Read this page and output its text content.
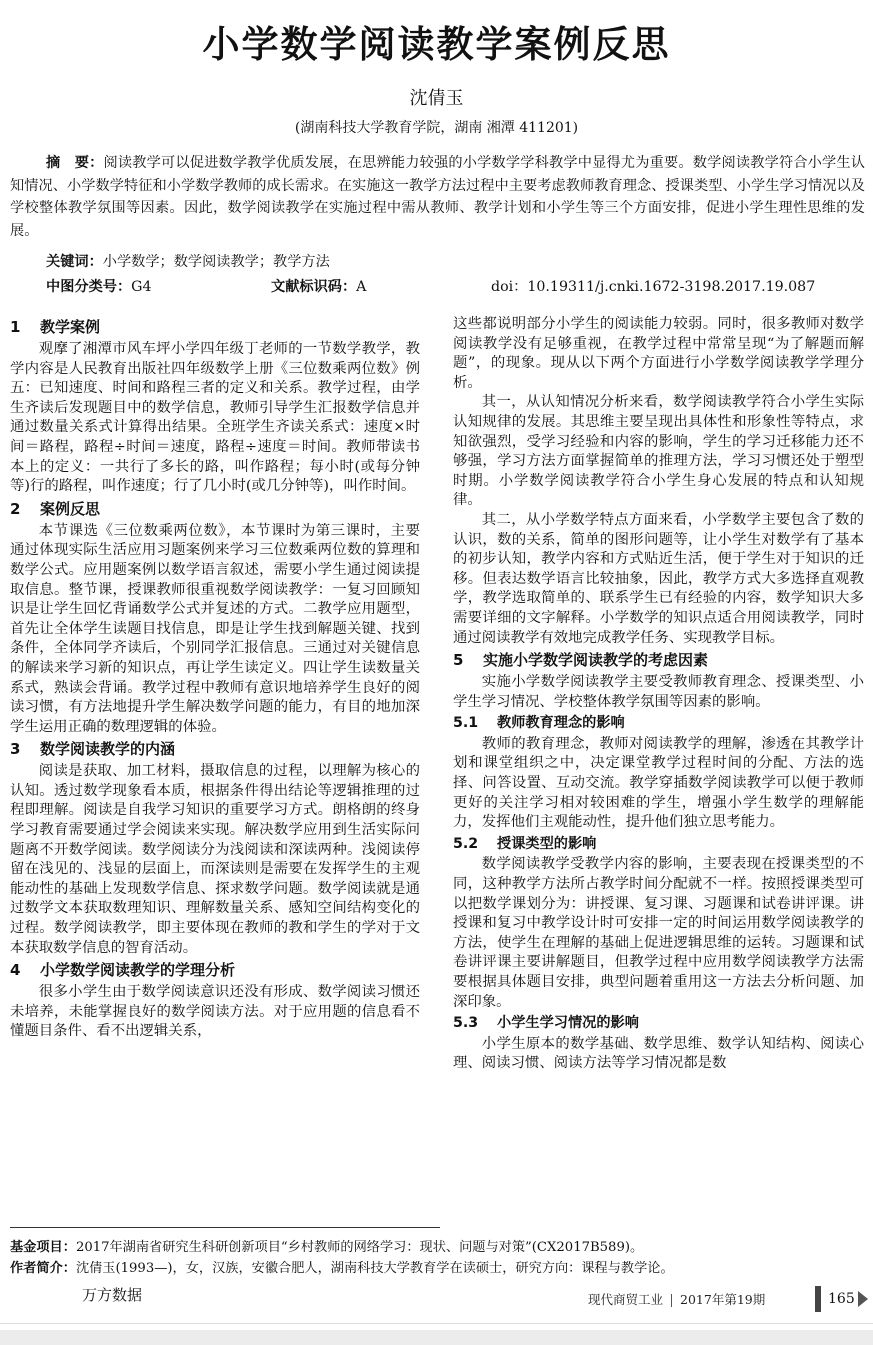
小学数学阅读教学案例反思
沈倩玉
(湖南科技大学教育学院，湖南 湘潭 411201)
摘　要：阅读教学可以促进数学教学优质发展，在思辨能力较强的小学数学学科教学中显得尤为重要。数学阅读教学符合小学生认知情况、小学数学特征和小学数学教师的成长需求。在实施这一教学方法过程中主要考虑教师教育理念、授课类型、小学生学习情况以及学校整体教学氛围等因素。因此，数学阅读教学在实施过程中需从教师、教学计划和小学生等三个方面安排，促进小学生理性思维的发展。
关键词：小学数学；数学阅读教学；教学方法
中图分类号：G4	文献标识码：A	doi：10.19311/j.cnki.1672-3198.2017.19.087
1 教学案例

观摩了湘潭市风车坪小学四年级丁老师的一节数学教学，教学内容是人民教育出版社四年级数学上册《三位数乘两位数》例五：已知速度、时间和路程三者的定义和关系。教学过程，由学生齐读后发现题目中的数学信息，教师引导学生汇报数学信息并通过数量关系式计算得出结果。全班学生齐读关系式：速度×时间＝路程，路程÷时间＝速度，路程÷速度＝时间。教师带读书本上的定义：一共行了多长的路，叫作路程；每小时(或每分钟等)行的路程，叫作速度；行了几小时(或几分钟等)，叫作时间。

2 案例反思

本节课选《三位数乘两位数》，本节课时为第三课时，主要通过体现实际生活应用习题案例来学习三位数乘两位数的算理和数学公式。应用题案例以数学语言叙述，需要小学生通过阅读提取信息。整节课，授课教师很重视数学阅读教学：一复习回顾知识是让学生回忆背诵数学公式并复述的方式。二教学应用题型，首先让全体学生读题目找信息，即是让学生找到解题关键、找到条件，全体同学齐读后，个别同学汇报信息。三通过对关键信息的解读来学习新的知识点，再让学生读定义。四让学生读数量关系式，熟读会背诵。教学过程中教师有意识地培养学生良好的阅读习惯，有方法地提升学生解决数学问题的能力，有目的地加深学生运用正确的数理逻辑的体验。

3 数学阅读教学的内涵

阅读是获取、加工材料，摄取信息的过程，以理解为核心的认知。透过数学现象看本质，根据条件得出结论等逻辑推理的过程即理解。阅读是自我学习知识的重要学习方式。朗格朗的终身学习教育需要通过学会阅读来实现。解决数学应用到生活实际问题离不开数学阅读。数学阅读分为浅阅读和深读两种。浅阅读停留在浅见的、浅显的层面上，而深读则是需要在发挥学生的主观能动性的基础上发现数学信息、探求数学问题。数学阅读就是通过数学文本获取数理知识、理解数量关系、感知空间结构变化的过程。数学阅读教学，即主要体现在教师的教和学生的学对于文本获取数学信息的智育活动。

4 小学数学阅读教学的学理分析

很多小学生由于数学阅读意识还没有形成、数学阅读习惯还未培养，未能掌握良好的数学阅读方法。对于应用题的信息看不懂题目条件、看不出逻辑关系，

这些都说明部分小学生的阅读能力较弱。同时，很多教师对数学阅读教学没有足够重视，在教学过程中常常呈现“为了解题而解题”，的现象。现从以下两个方面进行小学数学阅读教学学理分析。

其一，从认知情况分析来看，数学阅读教学符合小学生实际认知规律的发展。其思维主要呈现出具体性和形象性等特点，求知欲强烈，受学习经验和内容的影响，学生的学习迁移能力还不够强，学习方法方面掌握简单的推理方法，学习习惯还处于塑型时期。小学数学阅读教学符合小学生身心发展的特点和认知规律。

其二，从小学数学特点方面来看，小学数学主要包含了数的认识，数的关系，简单的图形问题等，让小学生对数学有了基本的初步认知，教学内容和方式贴近生活，便于学生对于知识的迁移。但表达数学语言比较抽象，因此，教学方式大多选择直观教学，教学选取简单的、联系学生已有经验的内容，数学知识大多需要详细的文字解释。小学数学的知识点适合用阅读教学，同时通过阅读教学有效地完成教学任务、实现教学目标。

5 实施小学数学阅读教学的考虑因素

实施小学数学阅读教学主要受教师教育理念、授课类型、小学生学习情况、学校整体教学氛围等因素的影响。

5.1 教师教育理念的影响

教师的教育理念，教师对阅读教学的理解，渗透在其教学计划和课堂组织之中，决定课堂教学过程时间的分配、方法的选择、问答设置、互动交流。教学穿插数学阅读教学可以便于教师更好的关注学习相对较困难的学生，增强小学生数学的理解能力，发挥他们主观能动性，提升他们独立思考能力。

5.2 授课类型的影响

数学阅读教学受教学内容的影响，主要表现在授课类型的不同，这种教学方法所占教学时间分配就不一样。按照授课类型可以把数学课划分为：讲授课、复习课、习题课和试卷讲评课。讲授课和复习中教学设计时可安排一定的时间运用数学阅读教学的方法，使学生在理解的基础上促进逻辑思维的运转。习题课和试卷讲评课主要讲解题目，但教学过程中应用数学阅读教学方法需要根据具体题目安排，典型问题着重用这一方法去分析问题、加深印象。

5.3 小学生学习情况的影响

小学生原本的数学基础、数学思维、数学认知结构、阅读心理、阅读习惯、阅读方法等学习情况都是数

基金项目：2017年湖南省研究生科研创新项目“乡村教师的网络学习：现状、问题与对策”(CX2017B589)。
作者简介：沈倩玉(1993—)，女，汉族，安徽合肥人，湖南科技大学教育学在读硕士，研究方向：课程与教学论。
万方数据	现代商贸工业 2017年第19期	165
